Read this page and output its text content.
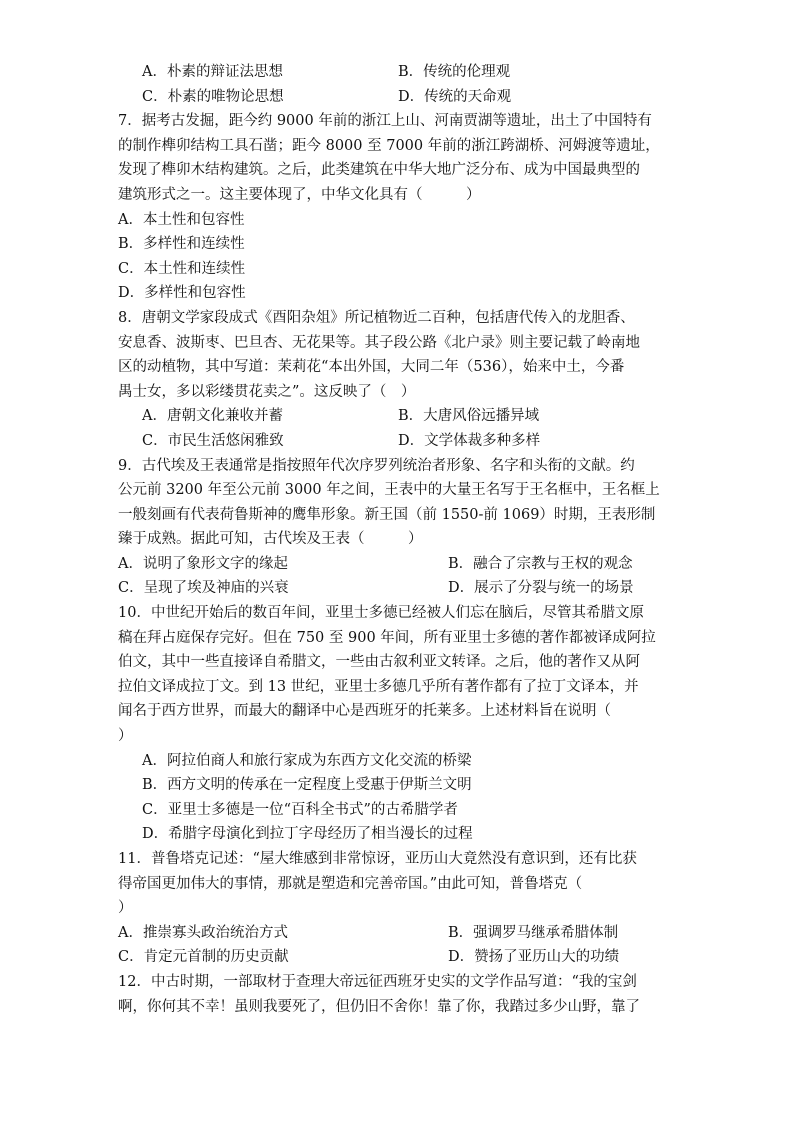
A．朴素的辩证法思想	B．传统的伦理观
C．朴素的唯物论思想	D．传统的天命观
7．据考古发掘，距今约 9000 年前的浙江上山、河南贾湖等遗址，出土了中国特有
的制作榫卯结构工具石凿；距今 8000 至 7000 年前的浙江跨湖桥、河姆渡等遗址，
发现了榫卯木结构建筑。之后，此类建筑在中华大地广泛分布、成为中国最典型的
建筑形式之一。这主要体现了，中华文化具有（　　　）
A．本土性和包容性
B．多样性和连续性
C．本土性和连续性
D．多样性和包容性
8．唐朝文学家段成式《酉阳杂俎》所记植物近二百种，包括唐代传入的龙胆香、
安息香、波斯枣、巴旦杏、无花果等。其子段公路《北户录》则主要记载了岭南地
区的动植物，其中写道：茉莉花“本出外国，大同二年（536），始来中土，今番
禺士女，多以彩缕贯花卖之”。这反映了（　）
A．唐朝文化兼收并蓄	B．大唐风俗远播异域
C．市民生活悠闲雅致	D．文学体裁多种多样
9．古代埃及王表通常是指按照年代次序罗列统治者形象、名字和头衔的文献。约
公元前 3200 年至公元前 3000 年之间，王表中的大量王名写于王名框中，王名框上
一般刻画有代表荷鲁斯神的鹰隼形象。新王国（前 1550-前 1069）时期，王表形制
臻于成熟。据此可知，古代埃及王表（　　　）
A．说明了象形文字的缘起	B．融合了宗教与王权的观念
C．呈现了埃及神庙的兴衰	D．展示了分裂与统一的场景
10．中世纪开始后的数百年间，亚里士多德已经被人们忘在脑后，尽管其希腊文原
稿在拜占庭保存完好。但在 750 至 900 年间，所有亚里士多德的著作都被译成阿拉
伯文，其中一些直接译自希腊文，一些由古叙利亚文转译。之后，他的著作又从阿
拉伯文译成拉丁文。到 13 世纪，亚里士多德几乎所有著作都有了拉丁文译本，并
闻名于西方世界，而最大的翻译中心是西班牙的托莱多。上述材料旨在说明（
）
A．阿拉伯商人和旅行家成为东西方文化交流的桥梁
B．西方文明的传承在一定程度上受惠于伊斯兰文明
C．亚里士多德是一位“百科全书式”的古希腊学者
D．希腊字母演化到拉丁字母经历了相当漫长的过程
11．普鲁塔克记述：“屋大维感到非常惊讶，亚历山大竟然没有意识到，还有比获
得帝国更加伟大的事情，那就是塑造和完善帝国。”由此可知，普鲁塔克（
）
A．推崇寡头政治统治方式	B．强调罗马继承希腊体制
C．肯定元首制的历史贡献	D．赞扬了亚历山大的功绩
12．中古时期，一部取材于查理大帝远征西班牙史实的文学作品写道：“我的宝剑
啊，你何其不幸！虽则我要死了，但仍旧不舍你！靠了你，我踏过多少山野，靠了
